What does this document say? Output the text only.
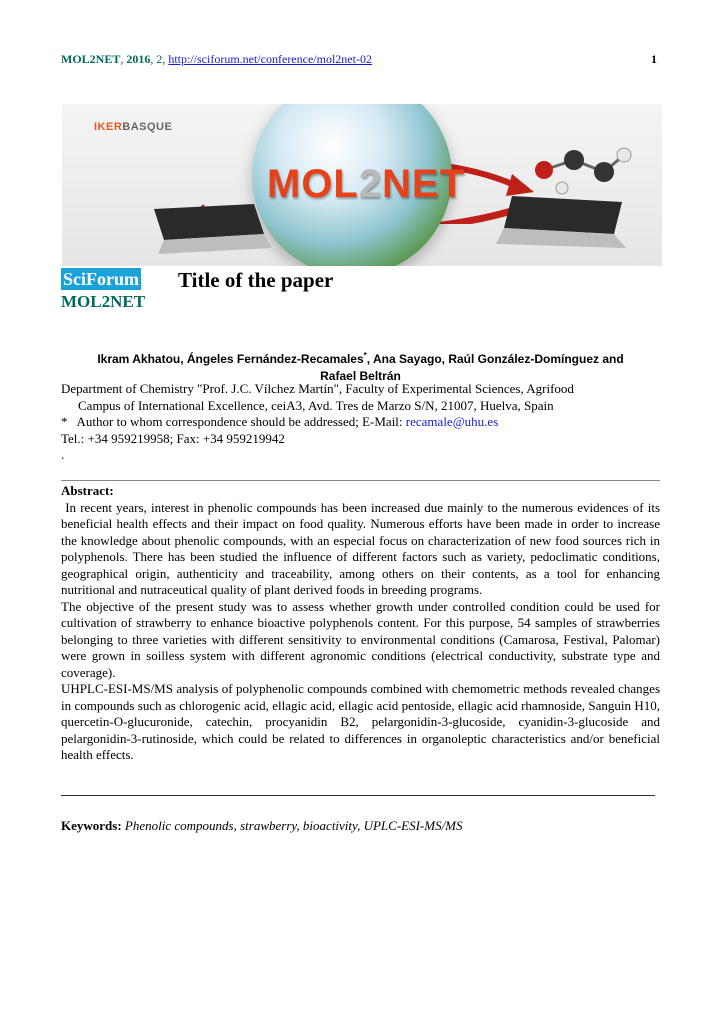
MOL2NET, 2016, 2, http://sciforum.net/conference/mol2net-02	1
IKERBASQUE
MOL2NET
SciForum
MOL2NET
Title of the paper
Ikram Akhatou, Ángeles Fernández-Recamales*, Ana Sayago, Raúl González-Domínguez and
Rafael Beltrán
Department of Chemistry "Prof. J.C. Vílchez Martín", Faculty of Experimental Sciences, Agrifood
Campus of International Excellence, ceiA3, Avd. Tres de Marzo S/N, 21007, Huelva, Spain
*   Author to whom correspondence should be addressed; E-Mail: recamale@uhu.es
Tel.: +34 959219958; Fax: +34 959219942
.
Abstract:

In recent years, interest in phenolic compounds has been increased due mainly to the numerous evidences of its beneficial health effects and their impact on food quality. Numerous efforts have been made in order to increase the knowledge about phenolic compounds, with an especial focus on characterization of new food sources rich in polyphenols. There has been studied the influence of different factors such as variety, pedoclimatic conditions, geographical origin, authenticity and traceability, among others on their contents, as a tool for enhancing nutritional and nutraceutical quality of plant derived foods in breeding programs.

The objective of the present study was to assess whether growth under controlled condition could be used for cultivation of strawberry to enhance bioactive polyphenols content. For this purpose, 54 samples of strawberries belonging to three varieties with different sensitivity to environmental conditions (Camarosa, Festival, Palomar) were grown in soilless system with different agronomic conditions (electrical conductivity, substrate type and coverage).

UHPLC-ESI-MS/MS analysis of polyphenolic compounds combined with chemometric methods revealed changes in compounds such as chlorogenic acid, ellagic acid, ellagic acid pentoside, ellagic acid rhamnoside, Sanguin H10, quercetin-O-glucuronide, catechin, procyanidin B2, pelargonidin-3-glucoside, cyanidin-3-glucoside and pelargonidin-3-rutinoside, which could be related to differences in organoleptic characteristics and/or beneficial health effects.

Keywords: Phenolic compounds, strawberry, bioactivity, UPLC-ESI-MS/MS
